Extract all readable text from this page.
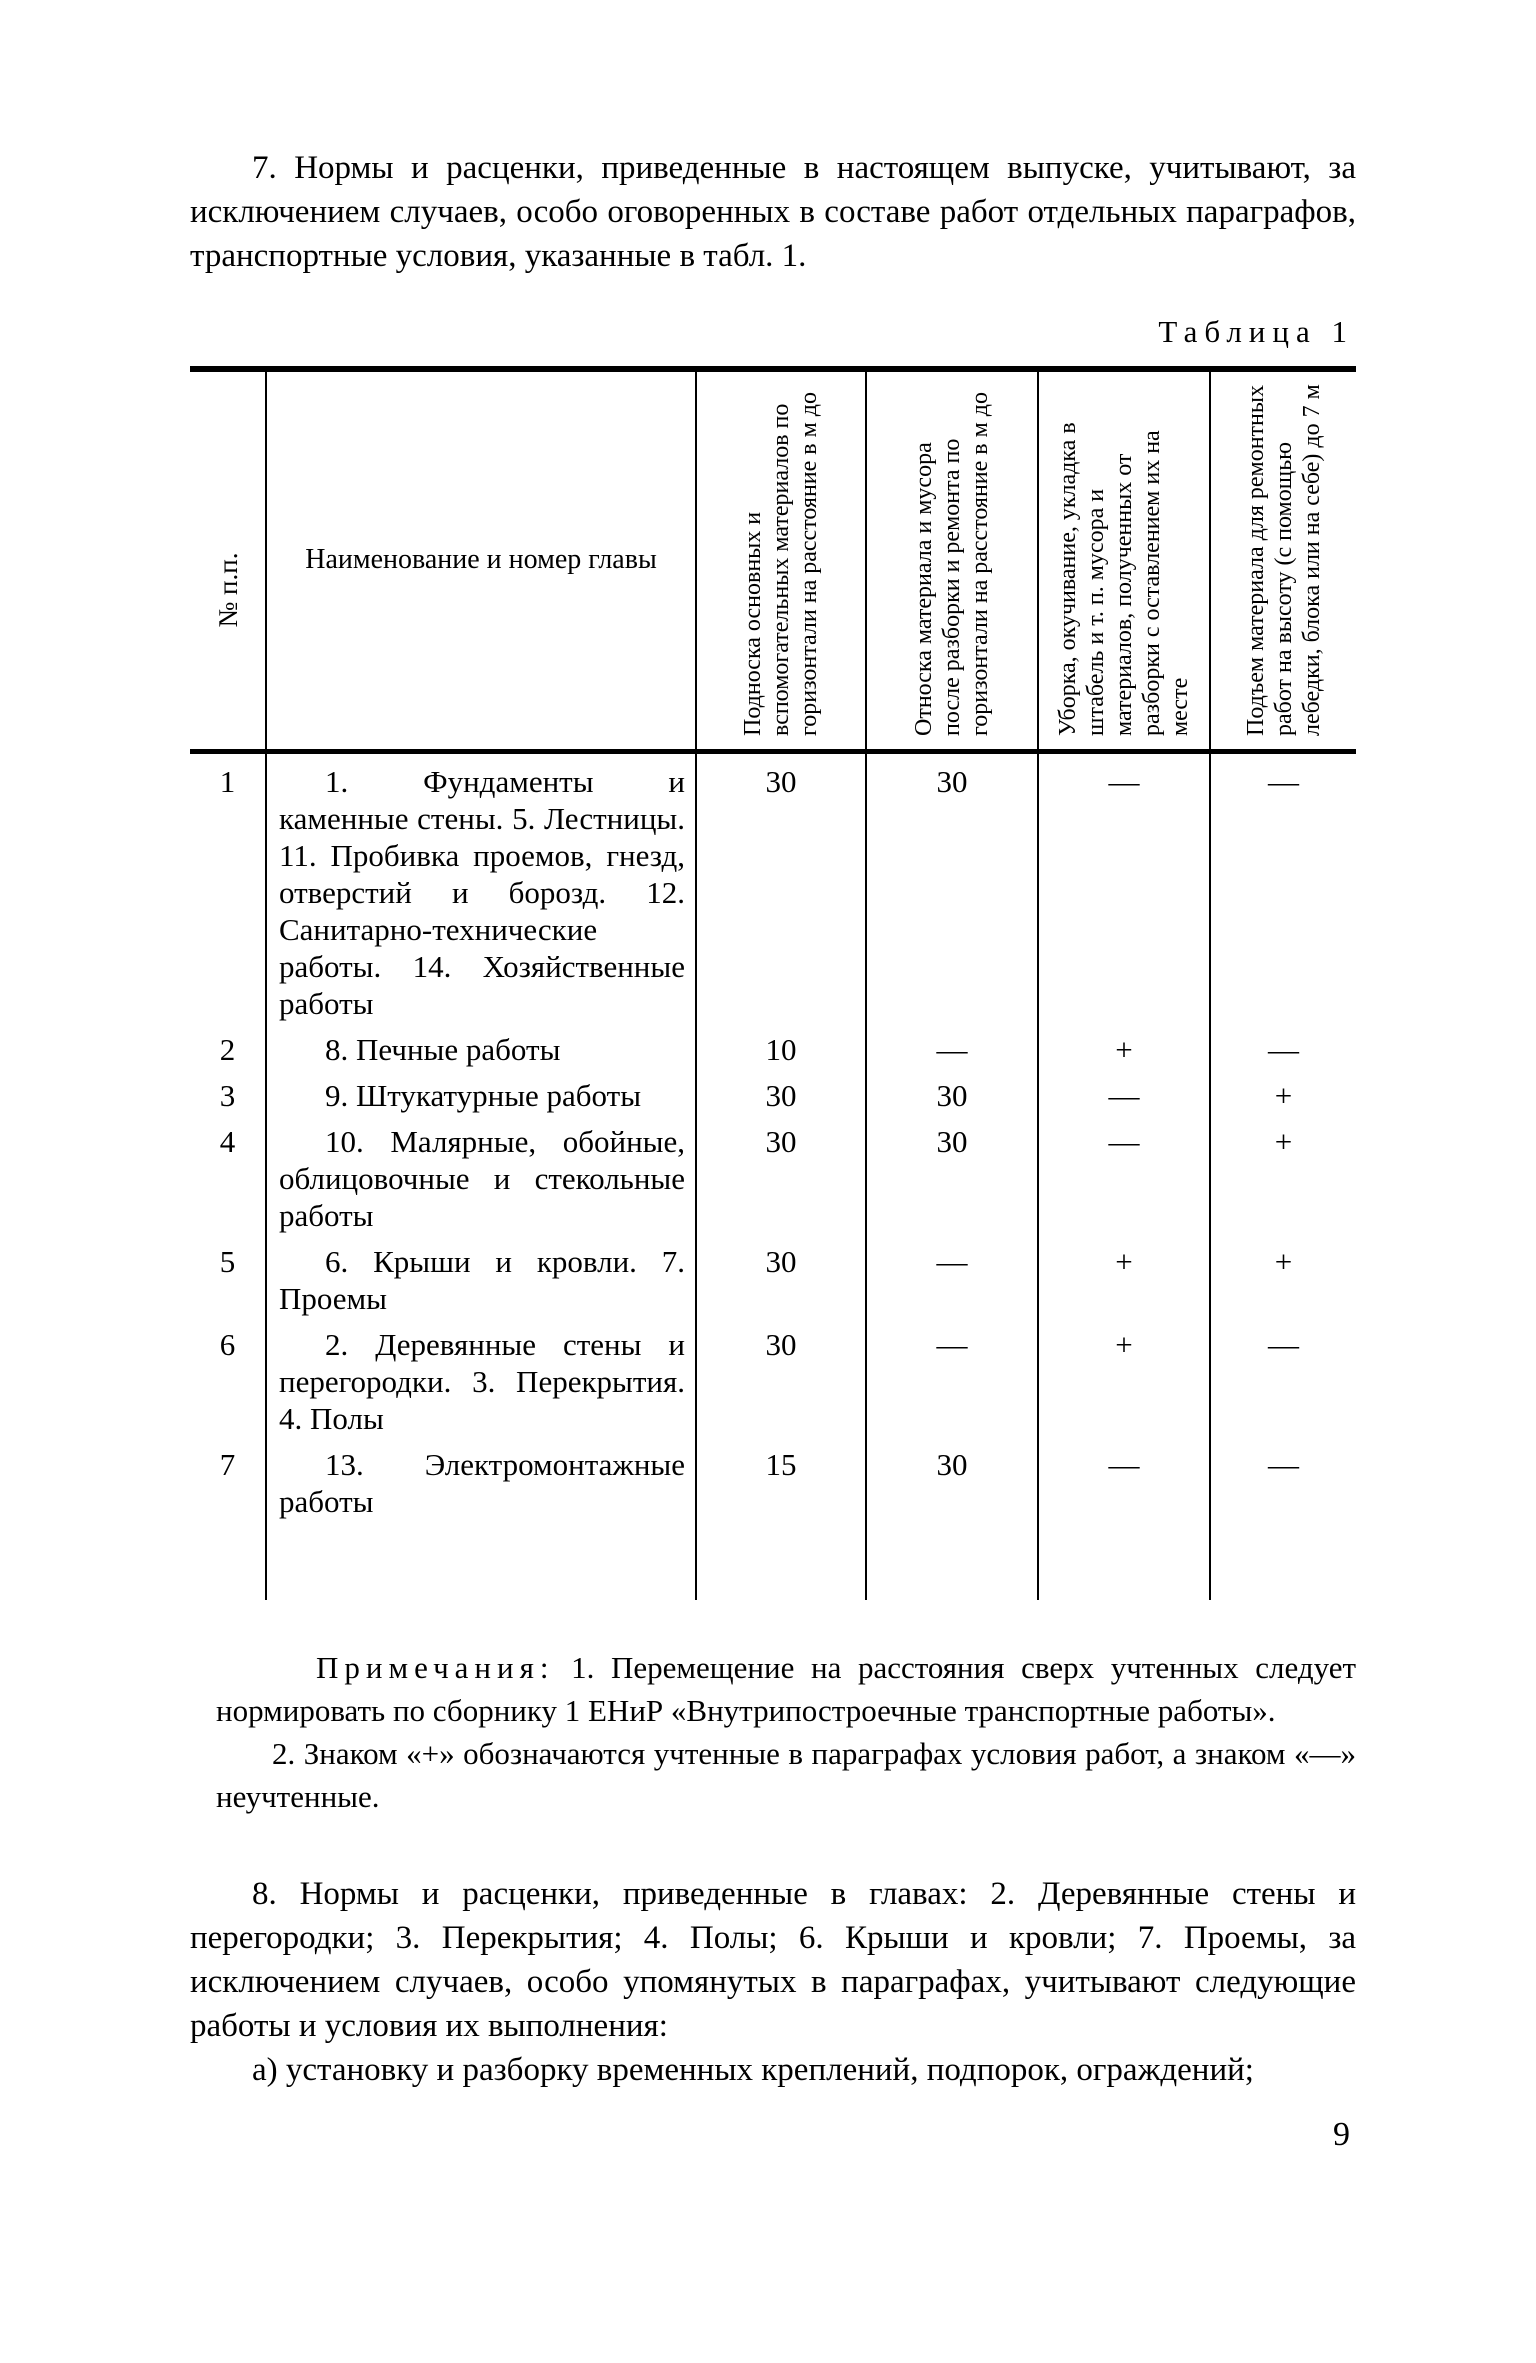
7. Нормы и расценки, приведенные в настоящем выпуске, учитывают, за исключением случаев, особо оговоренных в составе работ отдельных параграфов, транспортные условия, указанные в табл. 1.

Таблица 1
№ п.п.	Наименование и номер главы	Подноска основных и вспомогательных материалов по горизонтали на расстояние в м до	Относка материала и мусора после разборки и ремонта по горизонтали на расстояние в м до	Уборка, окучивание, укладка в штабель и т. п. мусора и материалов, полученных от разборки с оставлением их на месте	Подъем материала для ремонтных работ на высоту (с помощью лебедки, блока или на себе) до 7 м

1	1. Фундаменты и каменные стены. 5. Лестницы. 11. Пробивка проемов, гнезд, отверстий и борозд. 12. Санитарно-технические работы. 14. Хозяйственные работы	30	30	—	—
2	8. Печные работы	10	—	+	—
3	9. Штукатурные работы	30	30	—	+
4	10. Малярные, обойные, облицовочные и стекольные работы	30	30	—	+
5	6. Крыши и кровли. 7. Проемы	30	—	+	+
6	2. Деревянные стены и перегородки. 3. Перекрытия. 4. Полы	30	—	+	—
7	13. Электромонтажные работы	15	30	—	—

Примечания: 1. Перемещение на расстояния сверх учтенных следует нормировать по сборнику 1 ЕНиР «Внутрипостроечные транспортные работы».

2. Знаком «+» обозначаются учтенные в параграфах условия работ, а знаком «—» неучтенные.

8. Нормы и расценки, приведенные в главах: 2. Деревянные стены и перегородки; 3. Перекрытия; 4. Полы; 6. Крыши и кровли; 7. Проемы, за исключением случаев, особо упомянутых в параграфах, учитывают следующие работы и условия их выполнения:

а) установку и разборку временных креплений, подпорок, ограждений;

9
